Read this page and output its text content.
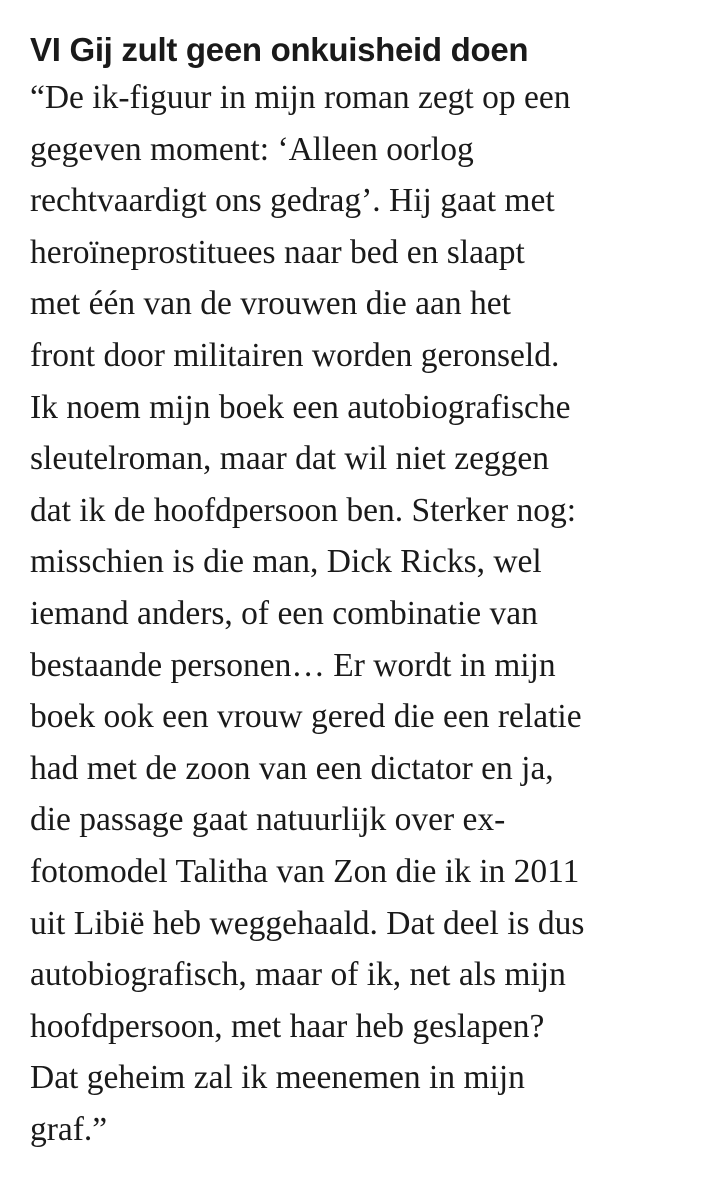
VI Gij zult geen onkuisheid doen

“De ik-figuur in mijn roman zegt op een
gegeven moment: ‘Alleen oorlog
rechtvaardigt ons gedrag’. Hij gaat met
heroïneprostituees naar bed en slaapt
met één van de vrouwen die aan het
front door militairen worden geronseld.
Ik noem mijn boek een autobiografische
sleutelroman, maar dat wil niet zeggen
dat ik de hoofdpersoon ben. Sterker nog:
misschien is die man, Dick Ricks, wel
iemand anders, of een combinatie van
bestaande personen… Er wordt in mijn
boek ook een vrouw gered die een relatie
had met de zoon van een dictator en ja,
die passage gaat natuurlijk over ex-
fotomodel Talitha van Zon die ik in 2011
uit Libië heb weggehaald. Dat deel is dus
autobiografisch, maar of ik, net als mijn
hoofdpersoon, met haar heb geslapen?
Dat geheim zal ik meenemen in mijn
graf.”
